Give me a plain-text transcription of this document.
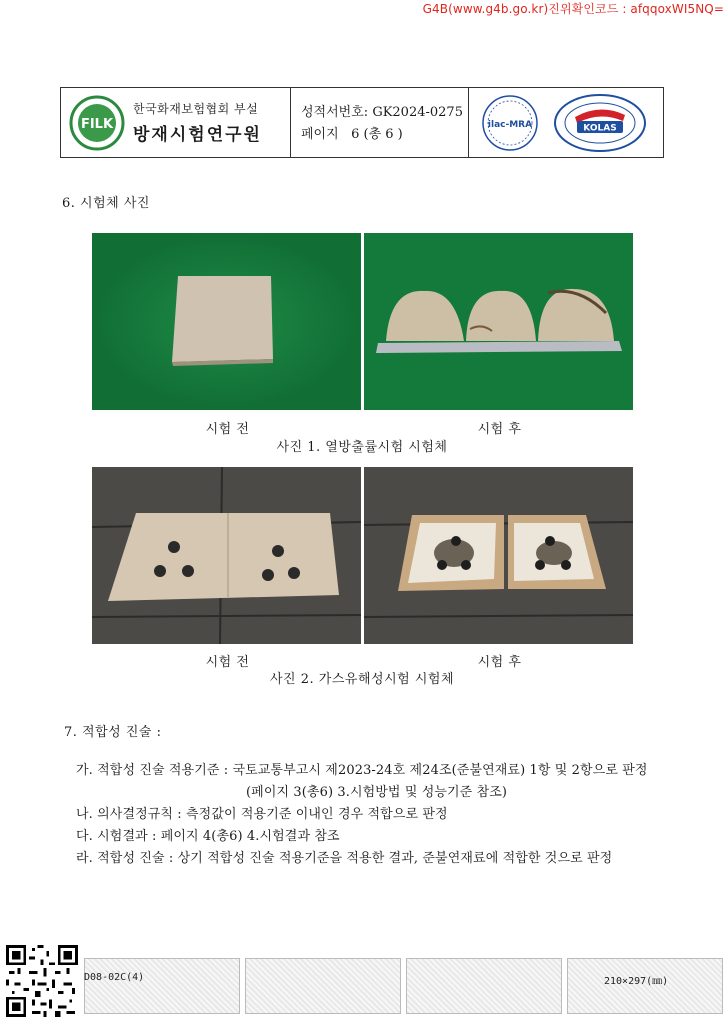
G4B(www.g4b.go.kr)진위확인코드 : afqqoxWI5NQ=
FILK
한국화재보험협회 부설
방재시험연구원
성적서번호: GK2024-0275
페이지 6 (총 6 )
ilac-MRA	KOLAS
6. 시험체 사진
시험 전	시험 후
사진 1. 열방출률시험 시험체
시험 전	시험 후
사진 2. 가스유해성시험 시험체
7. 적합성 진술 :
가. 적합성 진술 적용기준 : 국토교통부고시 제2023-24호 제24조(준불연재료) 1항 및 2항으로 판정
(페이지 3(총6) 3.시험방법 및 성능기준 참조)
나. 의사결정규칙 : 측정값이 적용기준 이내인 경우 적합으로 판정
다. 시험결과 : 페이지 4(총6) 4.시험결과 참조
라. 적합성 진술 : 상기 적합성 진술 적용기준을 적용한 결과, 준불연재료에 적합한 것으로 판정
D08-02C(4)	210×297(㎜)
